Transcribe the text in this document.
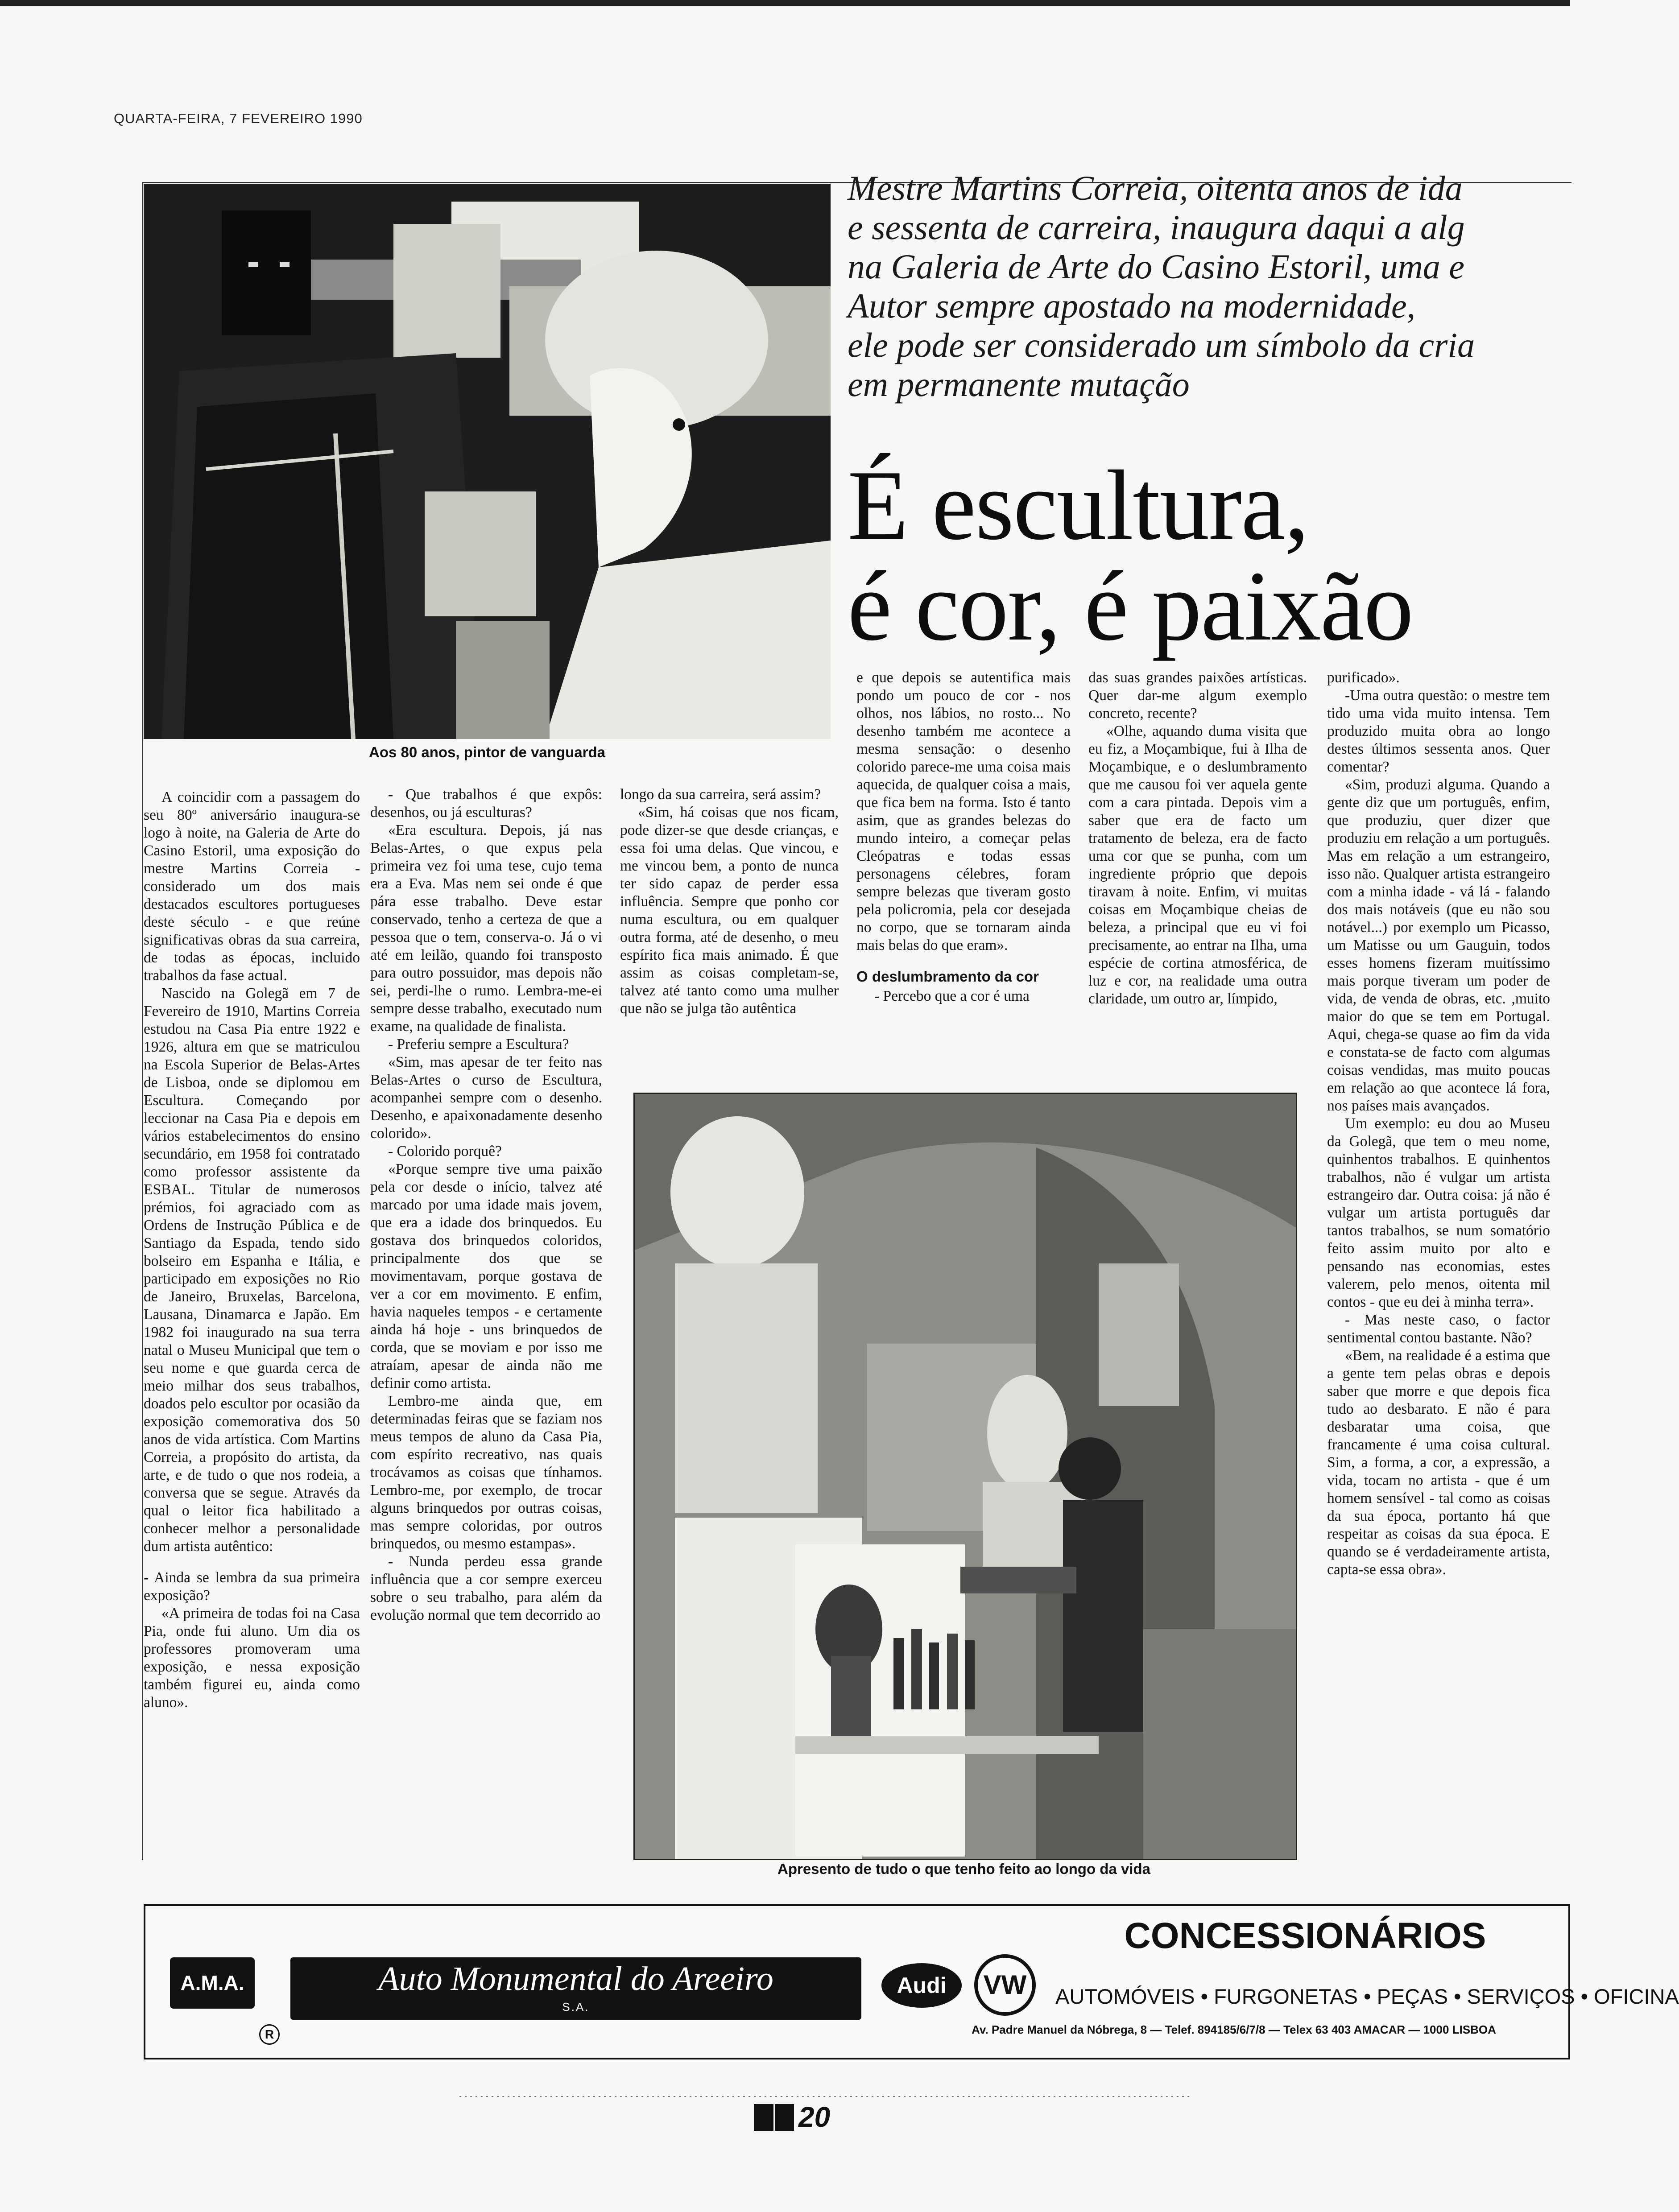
QUARTA-FEIRA, 7 FEVEREIRO 1990
Aos 80 anos, pintor de vanguarda
Mestre Martins Correia, oitenta anos de ida
e sessenta de carreira, inaugura daqui a alg
na Galeria de Arte do Casino Estoril, uma e
Autor sempre apostado na modernidade,
ele pode ser considerado um símbolo da cria
em permanente mutação
É escultura,
é cor, é paixão

A coincidir com a passagem do seu 80º aniversário inaugura-se logo à noite, na Galeria de Arte do Casino Estoril, uma exposição do mestre Martins Correia - considerado um dos mais destacados escultores portugueses deste século - e que reúne significativas obras da sua carreira, de todas as épocas, incluido trabalhos da fase actual.

Nascido na Golegã em 7 de Fevereiro de 1910, Martins Correia estudou na Casa Pia entre 1922 e 1926, altura em que se matriculou na Escola Superior de Belas-Artes de Lisboa, onde se diplomou em Escultura. Começando por leccionar na Casa Pia e depois em vários estabelecimentos do ensino secundário, em 1958 foi contratado como professor assistente da ESBAL. Titular de numerosos prémios, foi agraciado com as Ordens de Instrução Pública e de Santiago da Espada, tendo sido bolseiro em Espanha e Itália, e participado em exposições no Rio de Janeiro, Bruxelas, Barcelona, Lausana, Dinamarca e Japão. Em 1982 foi inaugurado na sua terra natal o Museu Municipal que tem o seu nome e que guarda cerca de meio milhar dos seus trabalhos, doados pelo escultor por ocasião da exposição comemorativa dos 50 anos de vida artística. Com Martins Correia, a propósito do artista, da arte, e de tudo o que nos rodeia, a conversa que se segue. Através da qual o leitor fica habilitado a conhecer melhor a personalidade dum artista autêntico:

- Ainda se lembra da sua primeira exposição?

«A primeira de todas foi na Casa Pia, onde fui aluno. Um dia os professores promoveram uma exposição, e nessa exposição também figurei eu, ainda como aluno».

- Que trabalhos é que expôs: desenhos, ou já esculturas?

«Era escultura. Depois, já nas Belas-Artes, o que expus pela primeira vez foi uma tese, cujo tema era a Eva. Mas nem sei onde é que pára esse trabalho. Deve estar conservado, tenho a certeza de que a pessoa que o tem, conserva-o. Já o vi até em leilão, quando foi transposto para outro possuidor, mas depois não sei, perdi-lhe o rumo. Lembra-me-ei sempre desse trabalho, executado num exame, na qualidade de finalista.

- Preferiu sempre a Escultura?

«Sim, mas apesar de ter feito nas Belas-Artes o curso de Escultura, acompanhei sempre com o desenho. Desenho, e apaixonadamente desenho colorido».

- Colorido porquê?

«Porque sempre tive uma paixão pela cor desde o início, talvez até marcado por uma idade mais jovem, que era a idade dos brinquedos. Eu gostava dos brinquedos coloridos, principalmente dos que se movimentavam, porque gostava de ver a cor em movimento. E enfim, havia naqueles tempos - e certamente ainda há hoje - uns brinquedos de corda, que se moviam e por isso me atraíam, apesar de ainda não me definir como artista.

Lembro-me ainda que, em determinadas feiras que se faziam nos meus tempos de aluno da Casa Pia, com espírito recreativo, nas quais trocávamos as coisas que tínhamos. Lembro-me, por exemplo, de trocar alguns brinquedos por outras coisas, mas sempre coloridas, por outros brinquedos, ou mesmo estampas».

- Nunda perdeu essa grande influência que a cor sempre exerceu sobre o seu trabalho, para além da evolução normal que tem decorrido ao

longo da sua carreira, será assim?

«Sim, há coisas que nos ficam, pode dizer-se que desde crianças, e essa foi uma delas. Que vincou, e me vincou bem, a ponto de nunca ter sido capaz de perder essa influência. Sempre que ponho cor numa escultura, ou em qualquer outra forma, até de desenho, o meu espírito fica mais animado. É que assim as coisas completam-se, talvez até tanto como uma mulher que não se julga tão autêntica

e que depois se autentifica mais pondo um pouco de cor - nos olhos, nos lábios, no rosto... No desenho também me acontece a mesma sensação: o desenho colorido parece-me uma coisa mais aquecida, de qualquer coisa a mais, que fica bem na forma. Isto é tanto asim, que as grandes belezas do mundo inteiro, a começar pelas Cleópatras e todas essas personagens célebres, foram sempre belezas que tiveram gosto pela policromia, pela cor desejada no corpo, que se tornaram ainda mais belas do que eram».

O deslumbramento da cor

- Percebo que a cor é uma

das suas grandes paixões artísticas. Quer dar-me algum exemplo concreto, recente?

«Olhe, aquando duma visita que eu fiz, a Moçambique, fui à Ilha de Moçambique, e o deslumbramento que me causou foi ver aquela gente com a cara pintada. Depois vim a saber que era de facto um tratamento de beleza, era de facto uma cor que se punha, com um ingrediente próprio que depois tiravam à noite. Enfim, vi muitas coisas em Moçambique cheias de beleza, a principal que eu vi foi precisamente, ao entrar na Ilha, uma espécie de cortina atmosférica, de luz e cor, na realidade uma outra claridade, um outro ar, límpido,

purificado».

-Uma outra questão: o mestre tem tido uma vida muito intensa. Tem produzido muita obra ao longo destes últimos sessenta anos. Quer comentar?

«Sim, produzi alguma. Quando a gente diz que um português, enfim, que produziu, quer dizer que produziu em relação a um português. Mas em relação a um estrangeiro, isso não. Qualquer artista estrangeiro com a minha idade - vá lá - falando dos mais notáveis (que eu não sou notável...) por exemplo um Picasso, um Matisse ou um Gauguin, todos esses homens fizeram muitíssimo mais porque tiveram um poder de vida, de venda de obras, etc. ,muito maior do que se tem em Portugal. Aqui, chega-se quase ao fim da vida e constata-se de facto com algumas coisas vendidas, mas muito poucas em relação ao que acontece lá fora, nos países mais avançados.

Um exemplo: eu dou ao Museu da Golegã, que tem o meu nome, quinhentos trabalhos. E quinhentos trabalhos, não é vulgar um artista estrangeiro dar. Outra coisa: já não é vulgar um artista português dar tantos trabalhos, se num somatório feito assim muito por alto e pensando nas economias, estes valerem, pelo menos, oitenta mil contos - que eu dei à minha terra».

- Mas neste caso, o factor sentimental contou bastante. Não?

«Bem, na realidade é a estima que a gente tem pelas obras e depois saber que morre e que depois fica tudo ao desbarato. E não é para desbaratar uma coisa, que francamente é uma coisa cultural. Sim, a forma, a cor, a expressão, a vida, tocam no artista - que é um homem sensível - tal como as coisas da sua época, portanto há que respeitar as coisas da sua época. E quando se é verdadeiramente artista, capta-se essa obra».

Apresento de tudo o que tenho feito ao longo da vida
A.M.A.
R
Auto Monumental do Areeiro
S.A.
Audi	VW
CONCESSIONÁRIOS
AUTOMÓVEIS • FURGONETAS • PEÇAS • SERVIÇOS • OFICINA
Av. Padre Manuel da Nóbrega, 8 — Telef. 894185/6/7/8 — Telex 63 403 AMACAR — 1000 LISBOA
20
